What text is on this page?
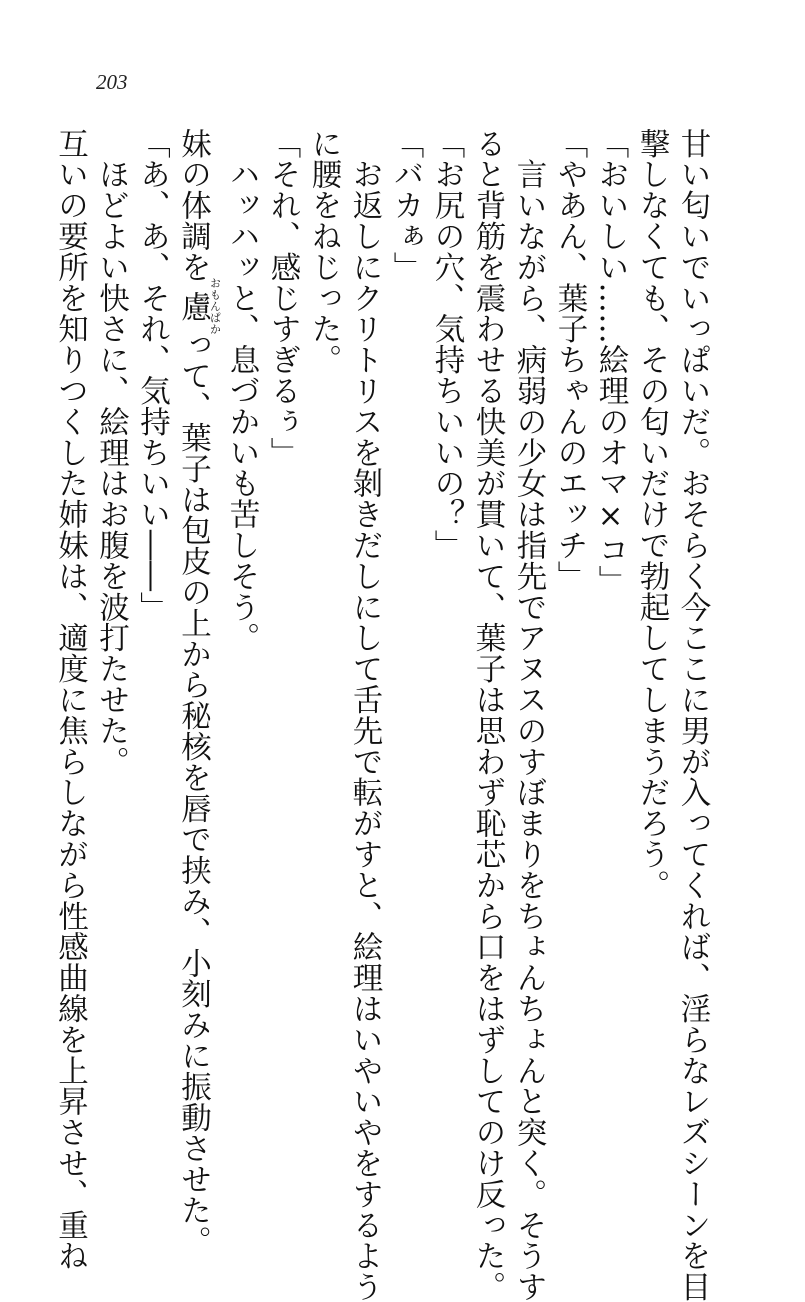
203
甘い匂いでいっぱいだ。おそらく今ここに男が入ってくれば、淫らなレズシーンを目
撃しなくても、その匂いだけで勃起してしまうだろう。
「おいしい……絵理のオマ×コ」
「やあん、葉子ちゃんのエッチ」
　言いながら、病弱の少女は指先でアヌスのすぼまりをちょんちょんと突く。そうす
ると背筋を震わせる快美が貫いて、葉子は思わず恥芯から口をはずしてのけ反った。
「お尻の穴、気持ちいいの？」
「バカぁ」
　お返しにクリトリスを剝きだしにして舌先で転がすと、絵理はいやいやをするよう
に腰をねじった。
「それ、感じすぎるぅ」
　ハッハッと、息づかいも苦しそう。
妹の体調を慮おもんぱかって、葉子は包皮の上から秘核を唇で挟み、小刻みに振動させた。
「あ、あ、それ、気持ちいい――」
　ほどよい快さに、絵理はお腹を波打たせた。
互いの要所を知りつくした姉妹は、適度に焦らしながら性感曲線を上昇させ、重ね
